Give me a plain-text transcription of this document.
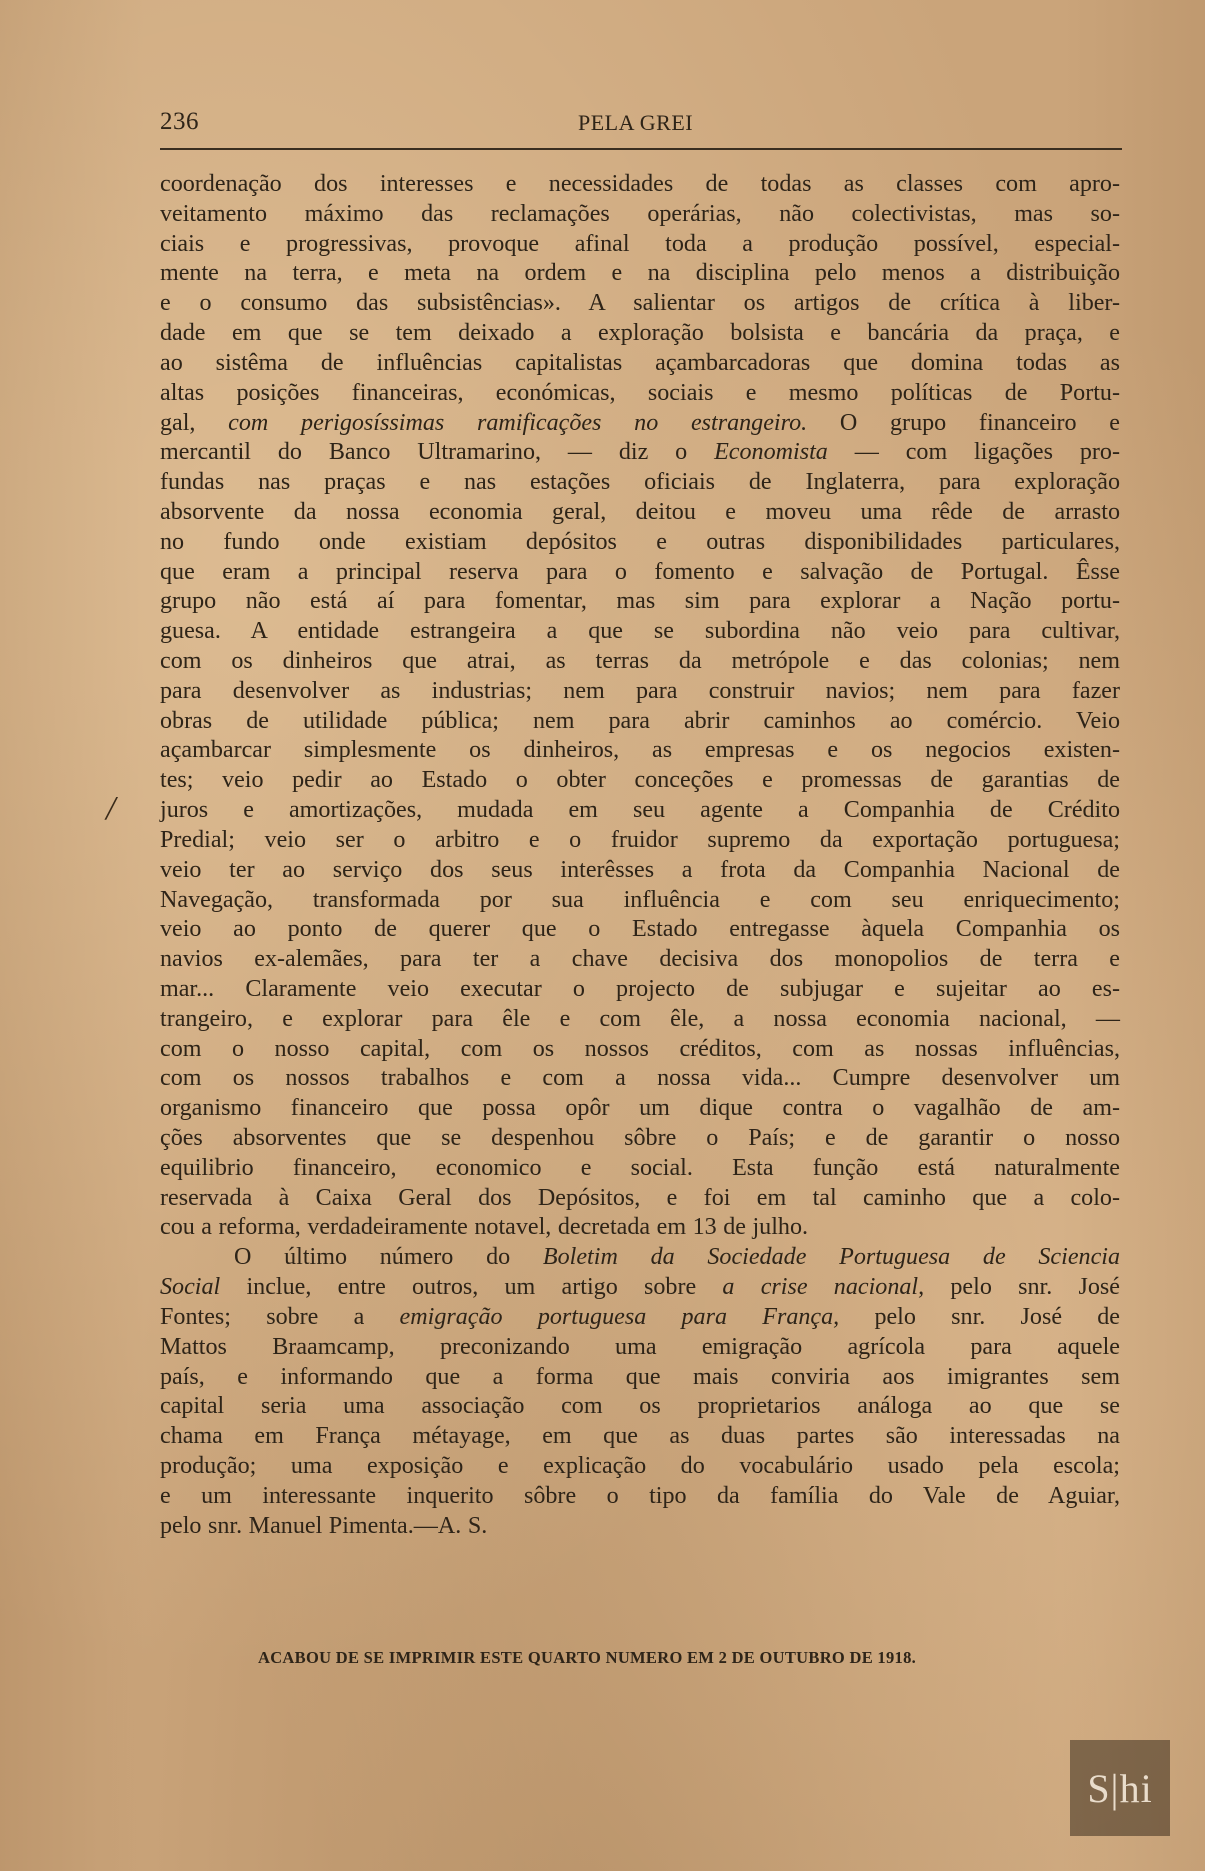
236	PELA GREI
/
coordenação dos interesses e necessidades de todas as classes com apro-
veitamento máximo das reclamações operárias, não colectivistas, mas so-
ciais e progressivas, provoque afinal toda a produção possível, especial-
mente na terra, e meta na ordem e na disciplina pelo menos a distribuição
e o consumo das subsistências». A salientar os artigos de crítica à liber-
dade em que se tem deixado a exploração bolsista e bancária da praça, e
ao sistêma de influências capitalistas açambarcadoras que domina todas as
altas posições financeiras, económicas, sociais e mesmo políticas de Portu-
gal, com perigosíssimas ramificações no estrangeiro. O grupo financeiro e
mercantil do Banco Ultramarino, — diz o Economista — com ligações pro-
fundas nas praças e nas estações oficiais de Inglaterra, para exploração
absorvente da nossa economia geral, deitou e moveu uma rêde de arrasto
no fundo onde existiam depósitos e outras disponibilidades particulares,
que eram a principal reserva para o fomento e salvação de Portugal. Êsse
grupo não está aí para fomentar, mas sim para explorar a Nação portu-
guesa. A entidade estrangeira a que se subordina não veio para cultivar,
com os dinheiros que atrai, as terras da metrópole e das colonias; nem
para desenvolver as industrias; nem para construir navios; nem para fazer
obras de utilidade pública; nem para abrir caminhos ao comércio. Veio
açambarcar simplesmente os dinheiros, as empresas e os negocios existen-
tes; veio pedir ao Estado o obter conceções e promessas de garantias de
juros e amortizações, mudada em seu agente a Companhia de Crédito
Predial; veio ser o arbitro e o fruidor supremo da exportação portuguesa;
veio ter ao serviço dos seus interêsses a frota da Companhia Nacional de
Navegação, transformada por sua influência e com seu enriquecimento;
veio ao ponto de querer que o Estado entregasse àquela Companhia os
navios ex-alemães, para ter a chave decisiva dos monopolios de terra e
mar... Claramente veio executar o projecto de subjugar e sujeitar ao es-
trangeiro, e explorar para êle e com êle, a nossa economia nacional, —
com o nosso capital, com os nossos créditos, com as nossas influências,
com os nossos trabalhos e com a nossa vida... Cumpre desenvolver um
organismo financeiro que possa opôr um dique contra o vagalhão de am-
ções absorventes que se despenhou sôbre o País; e de garantir o nosso
equilibrio financeiro, economico e social. Esta função está naturalmente
reservada à Caixa Geral dos Depósitos, e foi em tal caminho que a colo-
cou a reforma, verdadeiramente notavel, decretada em 13 de julho.
O último número do Boletim da Sociedade Portuguesa de Sciencia
Social inclue, entre outros, um artigo sobre a crise nacional, pelo snr. José
Fontes; sobre a emigração portuguesa para França, pelo snr. José de
Mattos Braamcamp, preconizando uma emigração agrícola para aquele
país, e informando que a forma que mais conviria aos imigrantes sem
capital seria uma associação com os proprietarios análoga ao que se
chama em França métayage, em que as duas partes são interessadas na
produção; uma exposição e explicação do vocabulário usado pela escola;
e um interessante inquerito sôbre o tipo da família do Vale de Aguiar,
pelo snr. Manuel Pimenta.—A. S.
ACABOU DE SE IMPRIMIR ESTE QUARTO NUMERO EM 2 DE OUTUBRO DE 1918.
S|hi
